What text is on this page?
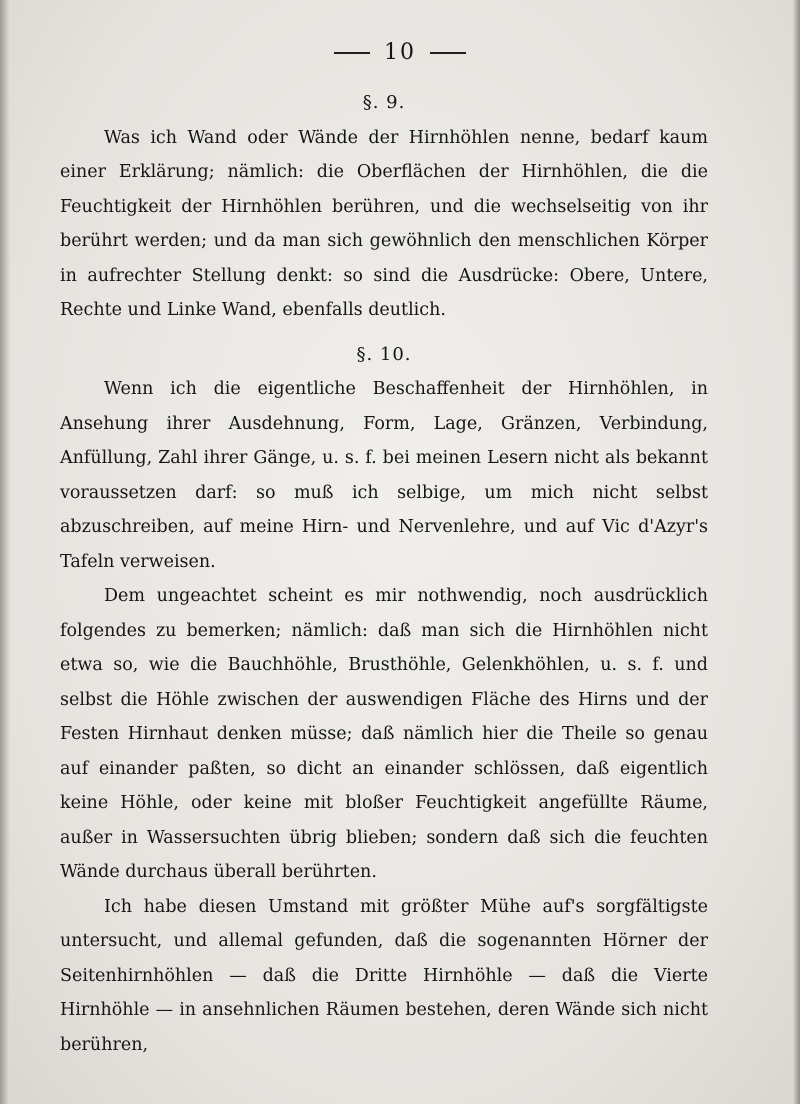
10
§. 9.

Was ich Wand oder Wände der Hirnhöhlen nenne, bedarf kaum einer Erklärung; nämlich: die Oberflächen der Hirnhöhlen, die die Feuchtigkeit der Hirnhöhlen berühren, und die wechselseitig von ihr berührt werden; und da man sich gewöhnlich den menschlichen Körper in aufrechter Stellung denkt: so sind die Ausdrücke: Obere, Untere, Rechte und Linke Wand, ebenfalls deutlich.

§. 10.

Wenn ich die eigentliche Beschaffenheit der Hirnhöhlen, in Ansehung ihrer Ausdehnung, Form, Lage, Gränzen, Verbindung, Anfüllung, Zahl ihrer Gänge, u. s. f. bei meinen Lesern nicht als bekannt voraussetzen darf: so muß ich selbige, um mich nicht selbst abzuschreiben, auf meine Hirn- und Nervenlehre, und auf Vic d'Azyr's Tafeln verweisen.

Dem ungeachtet scheint es mir nothwendig, noch ausdrücklich folgendes zu bemerken; nämlich: daß man sich die Hirnhöhlen nicht etwa so, wie die Bauchhöhle, Brusthöhle, Gelenkhöhlen, u. s. f. und selbst die Höhle zwischen der auswendigen Fläche des Hirns und der Festen Hirnhaut denken müsse; daß nämlich hier die Theile so genau auf einander paßten, so dicht an einander schlössen, daß eigentlich keine Höhle, oder keine mit bloßer Feuchtigkeit angefüllte Räume, außer in Wassersuchten übrig blieben; sondern daß sich die feuchten Wände durchaus überall berührten.

Ich habe diesen Umstand mit größter Mühe auf's sorgfältigste untersucht, und allemal gefunden, daß die sogenannten Hörner der Seitenhirnhöhlen — daß die Dritte Hirnhöhle — daß die Vierte Hirnhöhle — in ansehnlichen Räumen bestehen, deren Wände sich nicht berühren,
